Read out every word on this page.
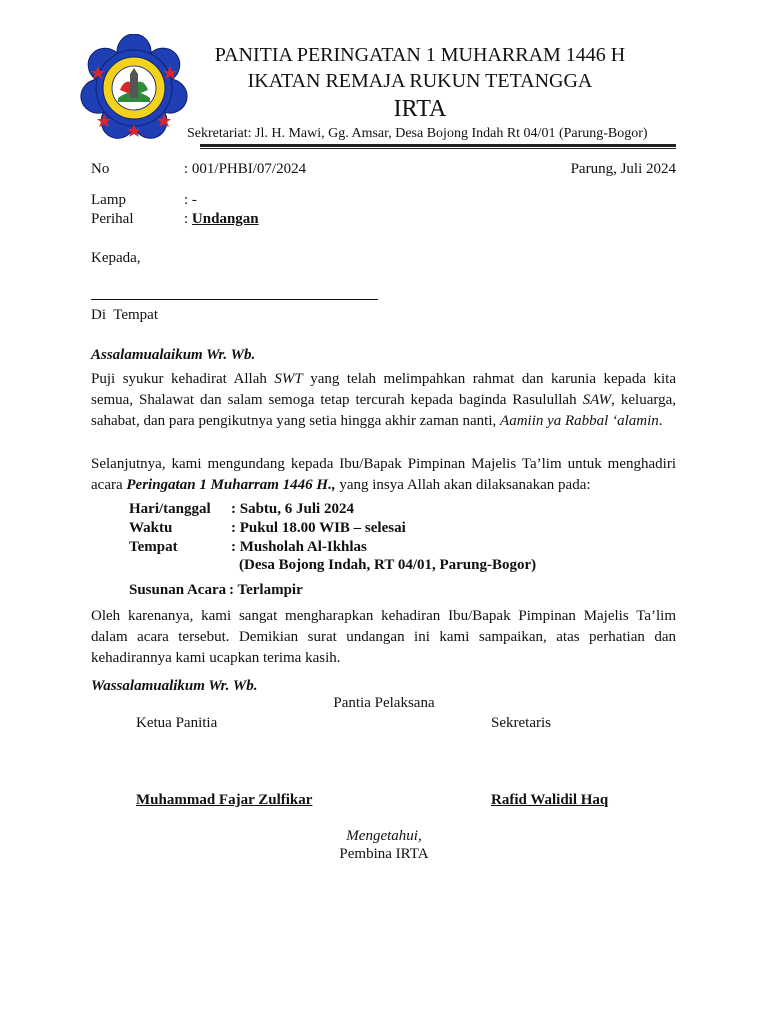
PANITIA PERINGATAN 1 MUHARRAM 1446 H
IKATAN REMAJA RUKUN TETANGGA
IRTA
Sekretariat: Jl. H. Mawi, Gg. Amsar, Desa Bojong Indah Rt 04/01 (Parung-Bogor)
No	: 001/PHBI/07/2024	Parung, Juli 2024
Lamp	: -
Perihal	: Undangan
Kepada,
Di  Tempat
Assalamualaikum Wr. Wb.
Puji syukur kehadirat Allah SWT yang telah melimpahkan rahmat dan karunia kepada kita semua, Shalawat dan salam semoga tetap tercurah kepada baginda Rasulullah SAW, keluarga, sahabat, dan para pengikutnya yang setia hingga akhir zaman nanti, Aamiin ya Rabbal ‘alamin.
Selanjutnya, kami mengundang kepada Ibu/Bapak Pimpinan Majelis Ta’lim untuk menghadiri acara Peringatan 1 Muharram 1446 H., yang insya Allah akan dilaksanakan pada:
Hari/tanggal : Sabtu, 6 Juli 2024
Waktu	: Pukul 18.00 WIB – selesai
Tempat	: Musholah Al-Ikhlas
(Desa Bojong Indah, RT 04/01, Parung-Bogor)
Susunan Acara : Terlampir
Oleh karenanya, kami sangat mengharapkan kehadiran Ibu/Bapak Pimpinan Majelis Ta’lim dalam acara tersebut. Demikian surat undangan ini kami sampaikan, atas perhatian dan kehadirannya kami ucapkan terima kasih.
Wassalamualikum Wr. Wb.
Pantia Pelaksana
Ketua Panitia	Sekretaris
Muhammad Fajar Zulfikar	Rafid Walidil Haq
Mengetahui,
Pembina IRTA
